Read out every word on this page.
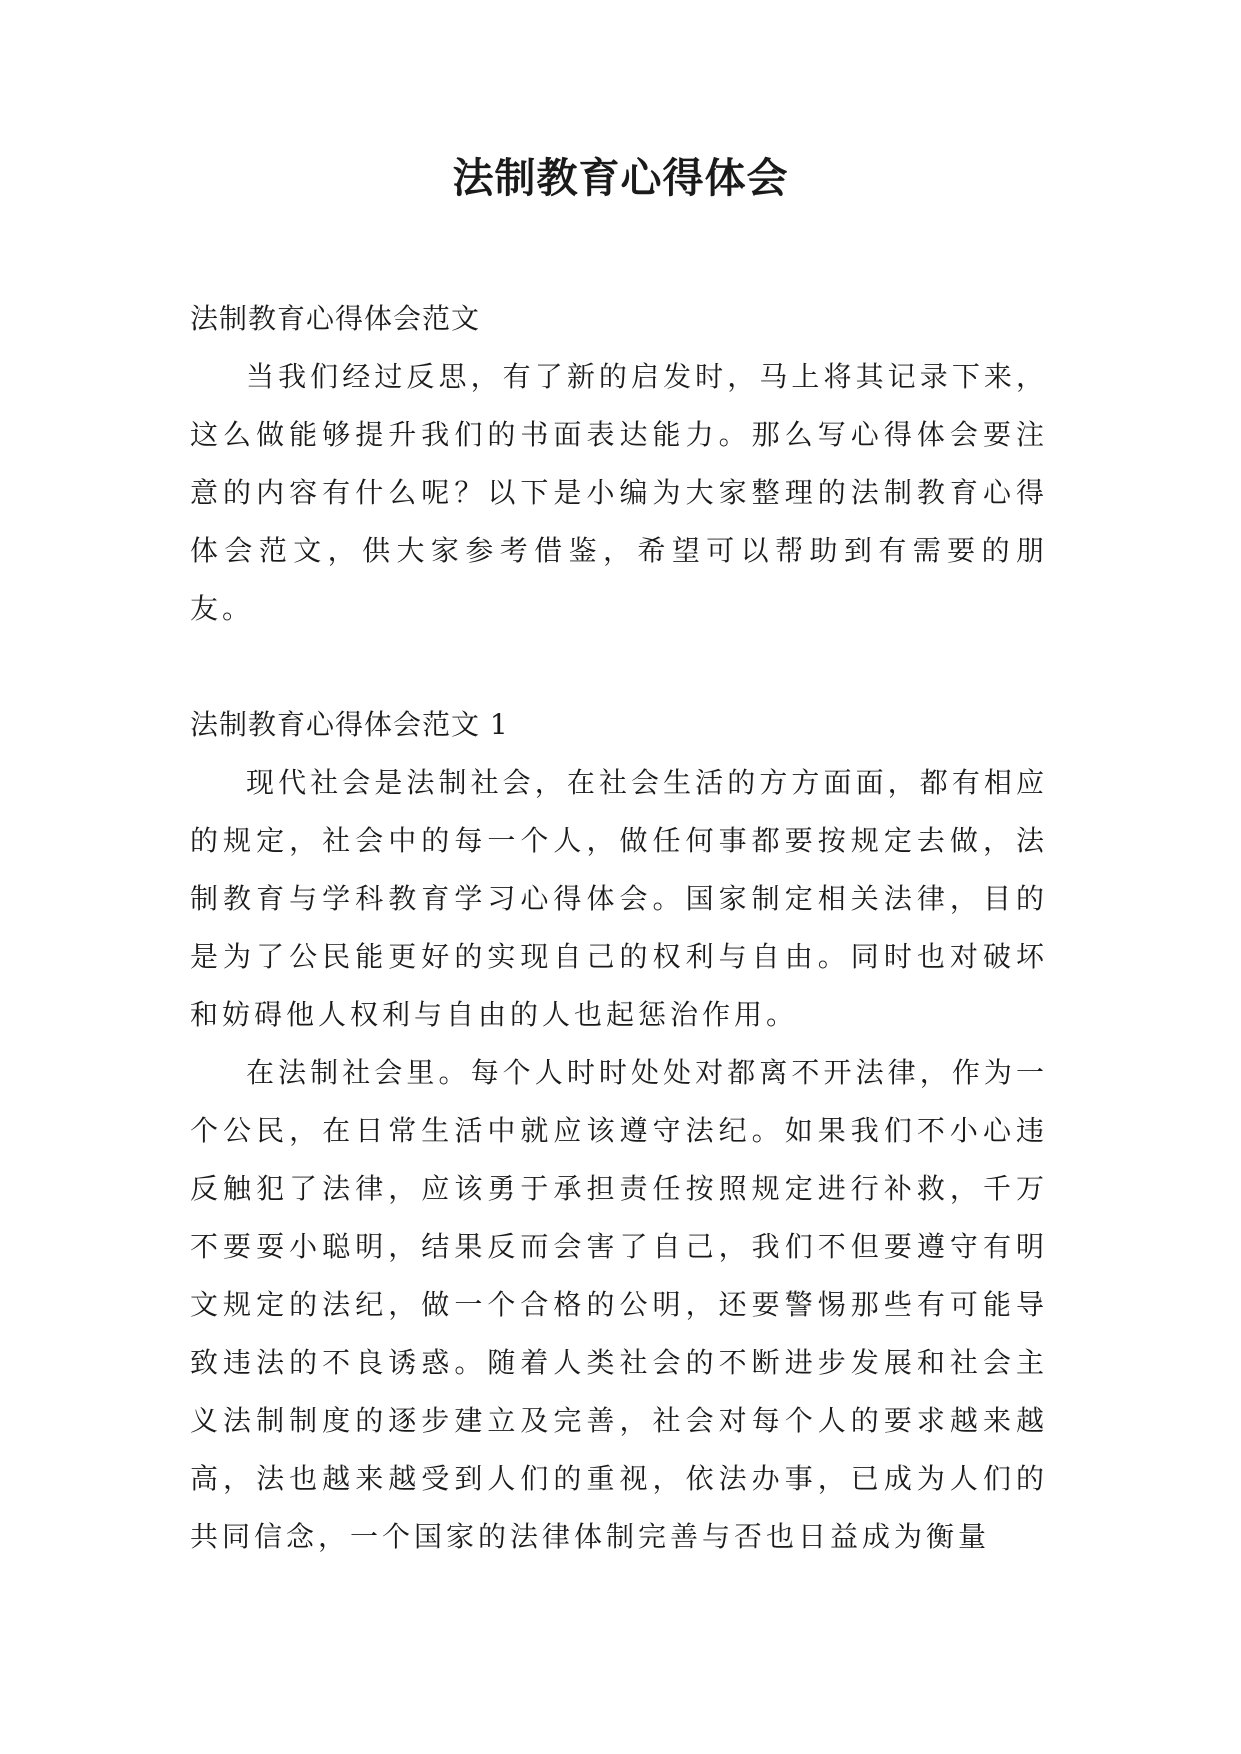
法制教育心得体会

法制教育心得体会范文

当我们经过反思，有了新的启发时，马上将其记录下来，这么做能够提升我们的书面表达能力。那么写心得体会要注意的内容有什么呢？以下是小编为大家整理的法制教育心得体会范文，供大家参考借鉴，希望可以帮助到有需要的朋友。

法制教育心得体会范文 1

现代社会是法制社会，在社会生活的方方面面，都有相应的规定，社会中的每一个人，做任何事都要按规定去做，法制教育与学科教育学习心得体会。国家制定相关法律，目的是为了公民能更好的实现自己的权利与自由。同时也对破坏和妨碍他人权利与自由的人也起惩治作用。

在法制社会里。每个人时时处处对都离不开法律，作为一个公民，在日常生活中就应该遵守法纪。如果我们不小心违反触犯了法律，应该勇于承担责任按照规定进行补救，千万不要耍小聪明，结果反而会害了自己，我们不但要遵守有明文规定的法纪，做一个合格的公明，还要警惕那些有可能导致违法的不良诱惑。随着人类社会的不断进步发展和社会主义法制制度的逐步建立及完善，社会对每个人的要求越来越高，法也越来越受到人们的重视，依法办事，已成为人们的共同信念，一个国家的法律体制完善与否也日益成为衡量
